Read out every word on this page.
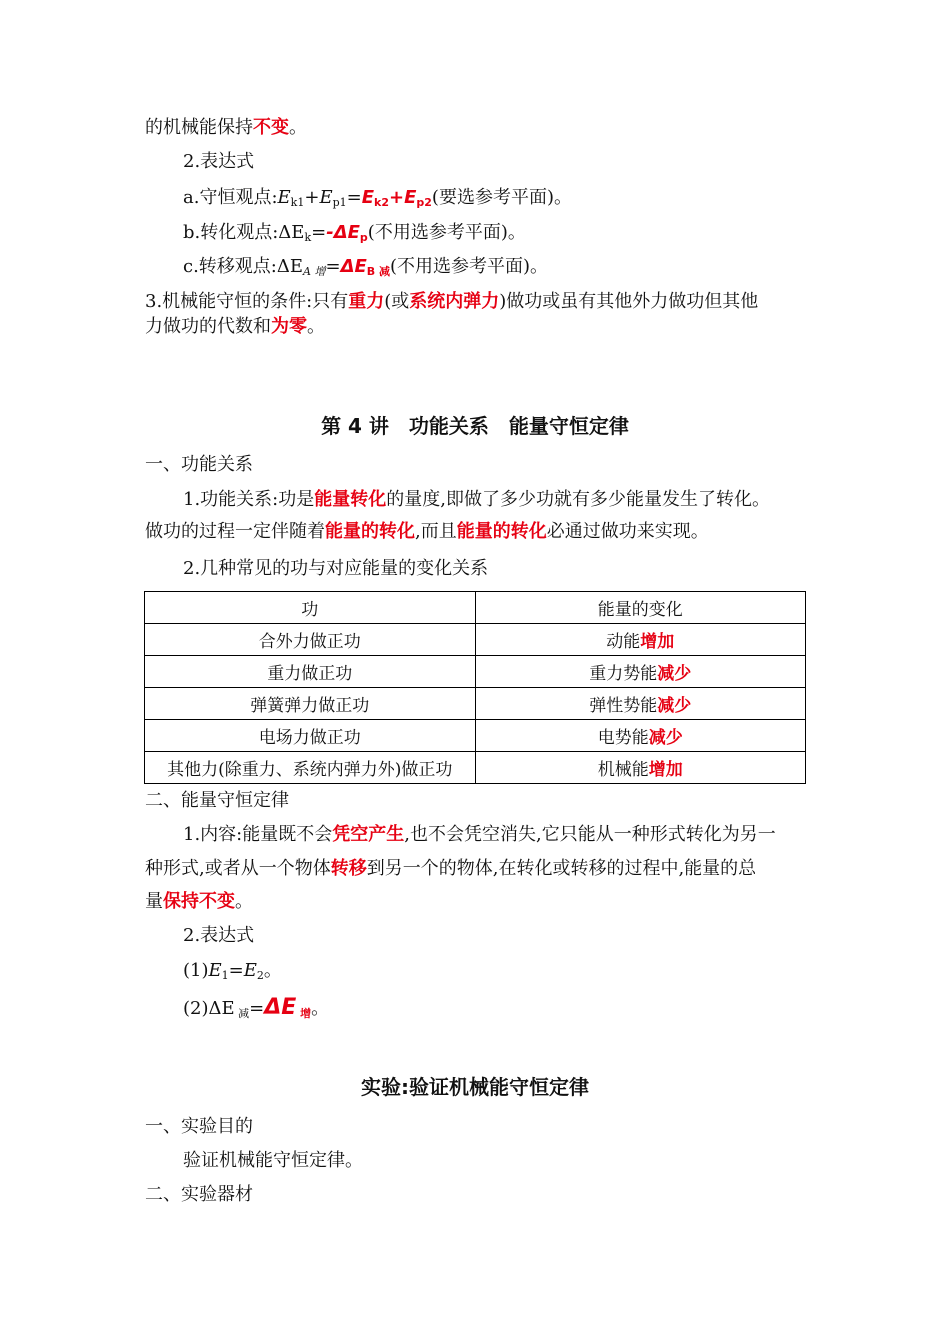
的机械能保持不变。
2.表达式
a.守恒观点$:E_{k1}+E_{p1}=E_{k2}+E_{p2}$(要选参考平面)。
b.转化观点$:\Delta E_k=-\Delta E_p$(不用选参考平面)。
c.转移观点$:\Delta E_{A 增}=\Delta E_{B 减}$(不用选参考平面)。
3.机械能守恒的条件:只有重力(或系统内弹力)做功或虽有其他外力做功但其他
力做功的代数和为零。
第 4 讲　功能关系　能量守恒定律
一、功能关系
1.功能关系:功是能量转化的量度,即做了多少功就有多少能量发生了转化。
做功的过程一定伴随着能量的转化,而且能量的转化必通过做功来实现。
2.几种常见的功与对应能量的变化关系
功	能量的变化
合外力做正功	动能增加
重力做正功	重力势能减少
弹簧弹力做正功	弹性势能减少
电场力做正功	电势能减少
其他力(除重力、系统内弹力外)做正功	机械能增加
二、能量守恒定律
1.内容:能量既不会凭空产生,也不会凭空消失,它只能从一种形式转化为另一
种形式,或者从一个物体转移到另一个的物体,在转化或转移的过程中,能量的总
量保持不变。
2.表达式
$(1)E_1=E_2$。
(2)ΔE $_减$=ΔE $_增$。
实验:验证机械能守恒定律
一、实验目的
验证机械能守恒定律。
二、实验器材
